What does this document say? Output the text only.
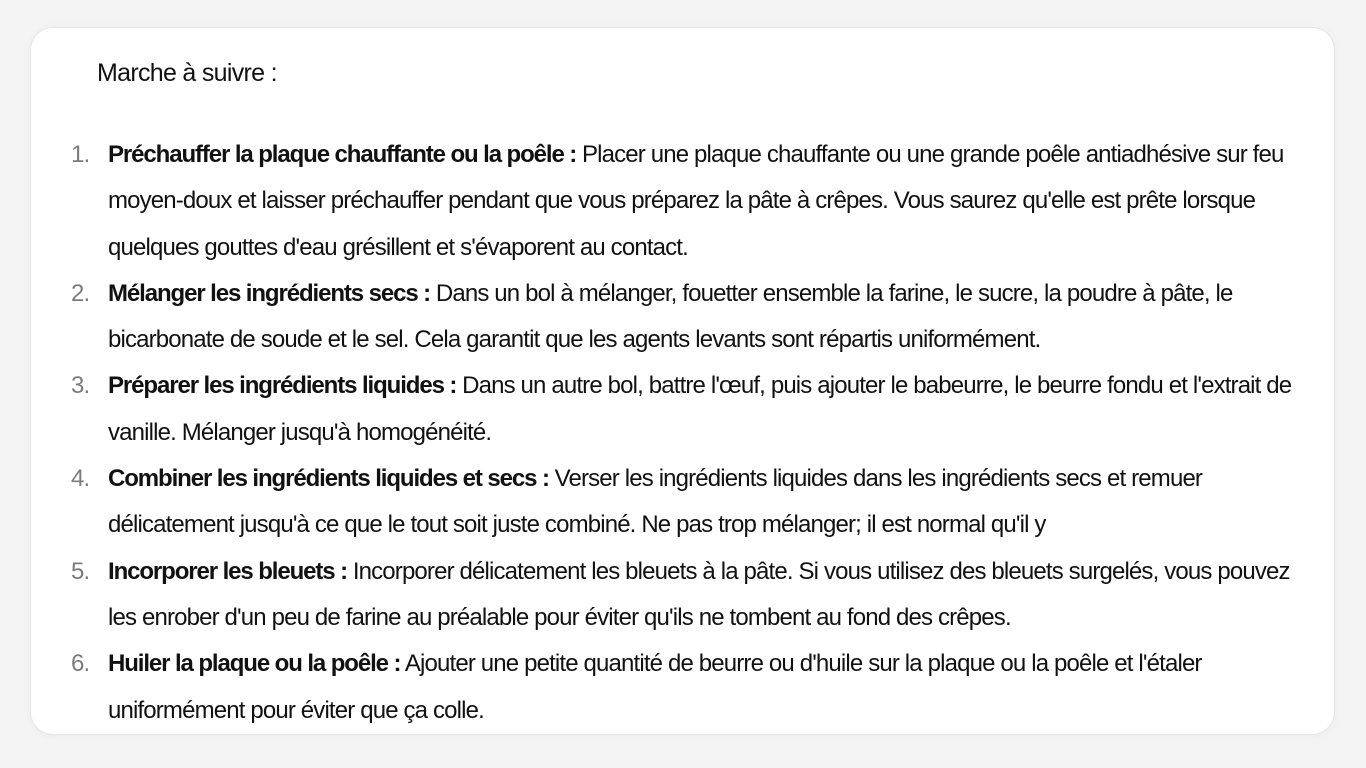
Marche à suivre :

1. Préchauffer la plaque chauffante ou la poêle : Placer une plaque chauffante ou une grande poêle antiadhésive sur feu moyen-doux et laisser préchauffer pendant que vous préparez la pâte à crêpes. Vous saurez qu'elle est prête lorsque quelques gouttes d'eau grésillent et s'évaporent au contact.
2. Mélanger les ingrédients secs : Dans un bol à mélanger, fouetter ensemble la farine, le sucre, la poudre à pâte, le bicarbonate de soude et le sel. Cela garantit que les agents levants sont répartis uniformément.
3. Préparer les ingrédients liquides : Dans un autre bol, battre l'œuf, puis ajouter le babeurre, le beurre fondu et l'extrait de vanille. Mélanger jusqu'à homogénéité.
4. Combiner les ingrédients liquides et secs : Verser les ingrédients liquides dans les ingrédients secs et remuer délicatement jusqu'à ce que le tout soit juste combiné. Ne pas trop mélanger; il est normal qu'il y
5. Incorporer les bleuets : Incorporer délicatement les bleuets à la pâte. Si vous utilisez des bleuets surgelés, vous pouvez les enrober d'un peu de farine au préalable pour éviter qu'ils ne tombent au fond des crêpes.
6. Huiler la plaque ou la poêle : Ajouter une petite quantité de beurre ou d'huile sur la plaque ou la poêle et l'étaler uniformément pour éviter que ça colle.
